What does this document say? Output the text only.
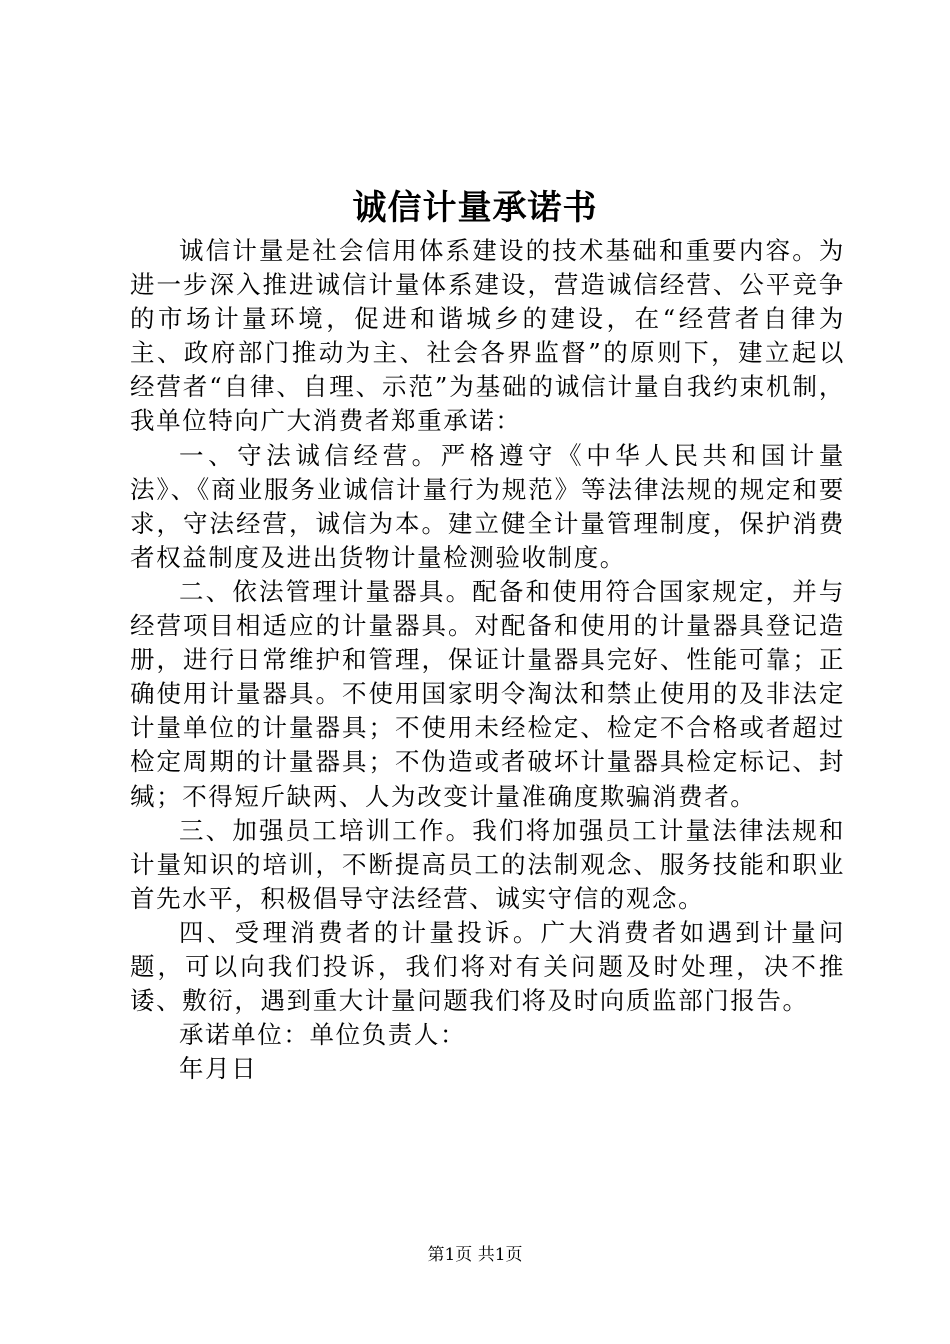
诚信计量承诺书

诚信计量是社会信用体系建设的技术基础和重要内容。为进一步深入推进诚信计量体系建设，营造诚信经营、公平竞争的市场计量环境，促进和谐城乡的建设，在“经营者自律为主、政府部门推动为主、社会各界监督”的原则下，建立起以经营者“自律、自理、示范”为基础的诚信计量自我约束机制，我单位特向广大消费者郑重承诺：

一、守法诚信经营。严格遵守《中华人民共和国计量法》、《商业服务业诚信计量行为规范》等法律法规的规定和要求，守法经营，诚信为本。建立健全计量管理制度，保护消费者权益制度及进出货物计量检测验收制度。

二、依法管理计量器具。配备和使用符合国家规定，并与经营项目相适应的计量器具。对配备和使用的计量器具登记造册，进行日常维护和管理，保证计量器具完好、性能可靠；正确使用计量器具。不使用国家明令淘汰和禁止使用的及非法定计量单位的计量器具；不使用未经检定、检定不合格或者超过检定周期的计量器具；不伪造或者破坏计量器具检定标记、封缄；不得短斤缺两、人为改变计量准确度欺骗消费者。

三、加强员工培训工作。我们将加强员工计量法律法规和计量知识的培训，不断提高员工的法制观念、服务技能和职业首先水平，积极倡导守法经营、诚实守信的观念。

四、受理消费者的计量投诉。广大消费者如遇到计量问题，可以向我们投诉，我们将对有关问题及时处理，决不推诿、敷衍，遇到重大计量问题我们将及时向质监部门报告。

承诺单位：单位负责人：

年月日

第1页 共1页
